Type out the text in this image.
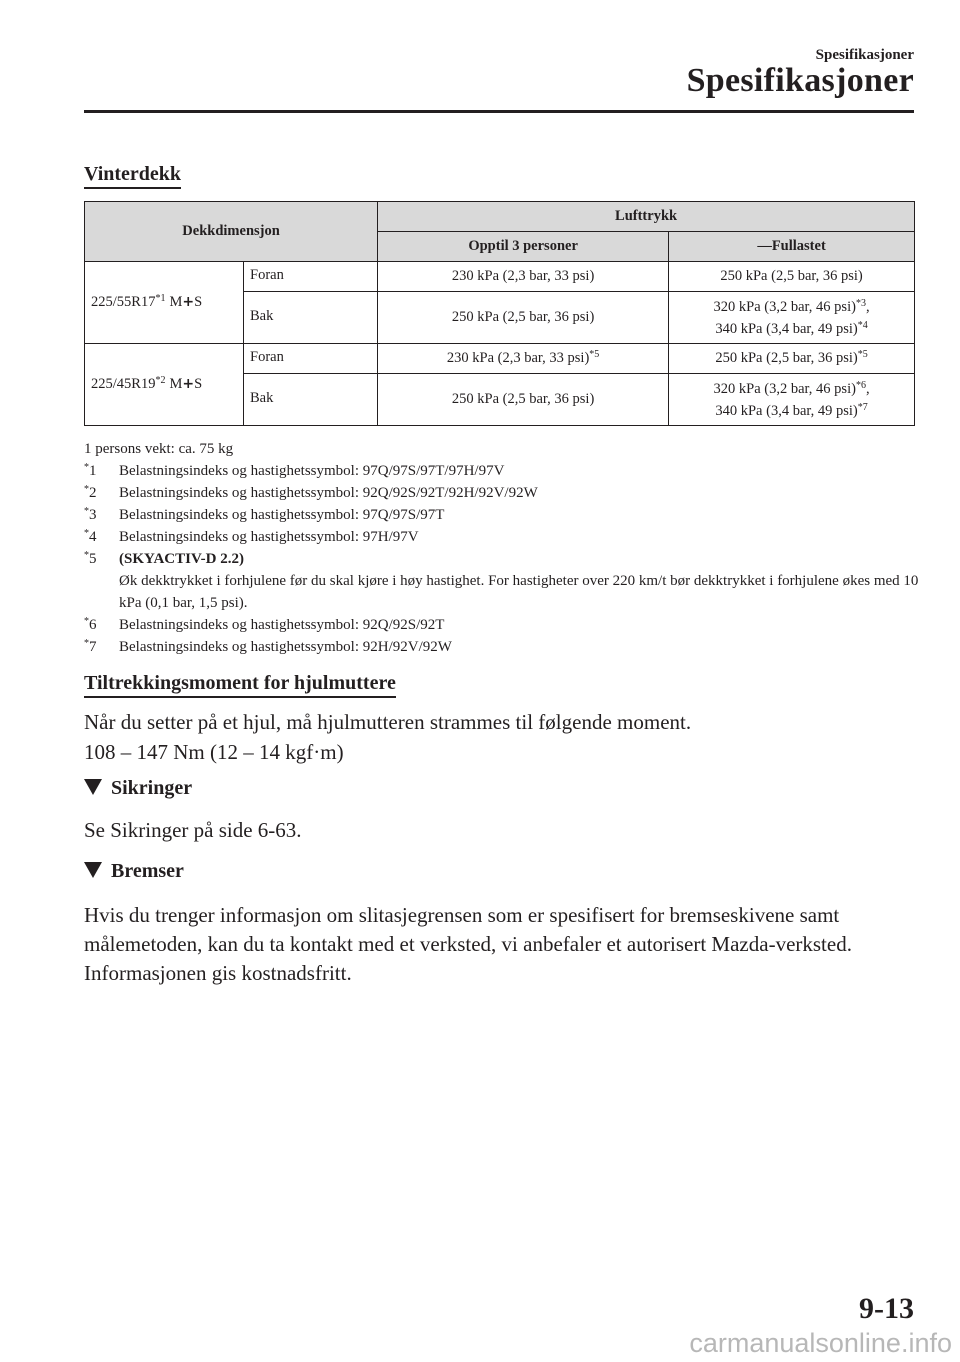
Spesifikasjoner
Spesifikasjoner
Vinterdekk
Dekkdimensjon		Lufttrykk	
		Opptil 3 personer	—Fullastet
225/55R17$^{*1}$ M+S	Foran	230 kPa (2,3 bar, 33 psi)	250 kPa (2,5 bar, 36 psi)
	Bak	250 kPa (2,5 bar, 36 psi)	320 kPa (3,2 bar, 46 psi)$^{*3}$,
340 kPa (3,4 bar, 49 psi)$^{*4}$
225/45R19$^{*2}$ M+S	Foran	230 kPa (2,3 bar, 33 psi)$^{*5}$	250 kPa (2,5 bar, 36 psi)$^{*5}$
	Bak	250 kPa (2,5 bar, 36 psi)	320 kPa (3,2 bar, 46 psi)$^{*6}$,
340 kPa (3,4 bar, 49 psi)$^{*7}$
1 persons vekt: ca. 75 kg
*1	Belastningsindeks og hastighetssymbol: 97Q/97S/97T/97H/97V
*2	Belastningsindeks og hastighetssymbol: 92Q/92S/92T/92H/92V/92W
*3	Belastningsindeks og hastighetssymbol: 97Q/97S/97T
*4	Belastningsindeks og hastighetssymbol: 97H/97V
*5	(SKYACTIV-D 2.2)
Øk dekktrykket i forhjulene før du skal kjøre i høy hastighet. For hastigheter over 220 km/t bør dekktrykket i forhjulene økes med 10 kPa (0,1 bar, 1,5 psi).
*6	Belastningsindeks og hastighetssymbol: 92Q/92S/92T
*7	Belastningsindeks og hastighetssymbol: 92H/92V/92W
Tiltrekkingsmoment for hjulmuttere
Når du setter på et hjul, må hjulmutteren strammes til følgende moment.
108 – 147 Nm (12 – 14 kgf·m)
Sikringer
Se Sikringer på side 6-63.
Bremser
Hvis du trenger informasjon om slitasjegrensen som er spesifisert for bremseskivene samt
målemetoden, kan du ta kontakt med et verksted, vi anbefaler et autorisert Mazda-verksted.
Informasjonen gis kostnadsfritt.
9-13
carmanualsonline.info
